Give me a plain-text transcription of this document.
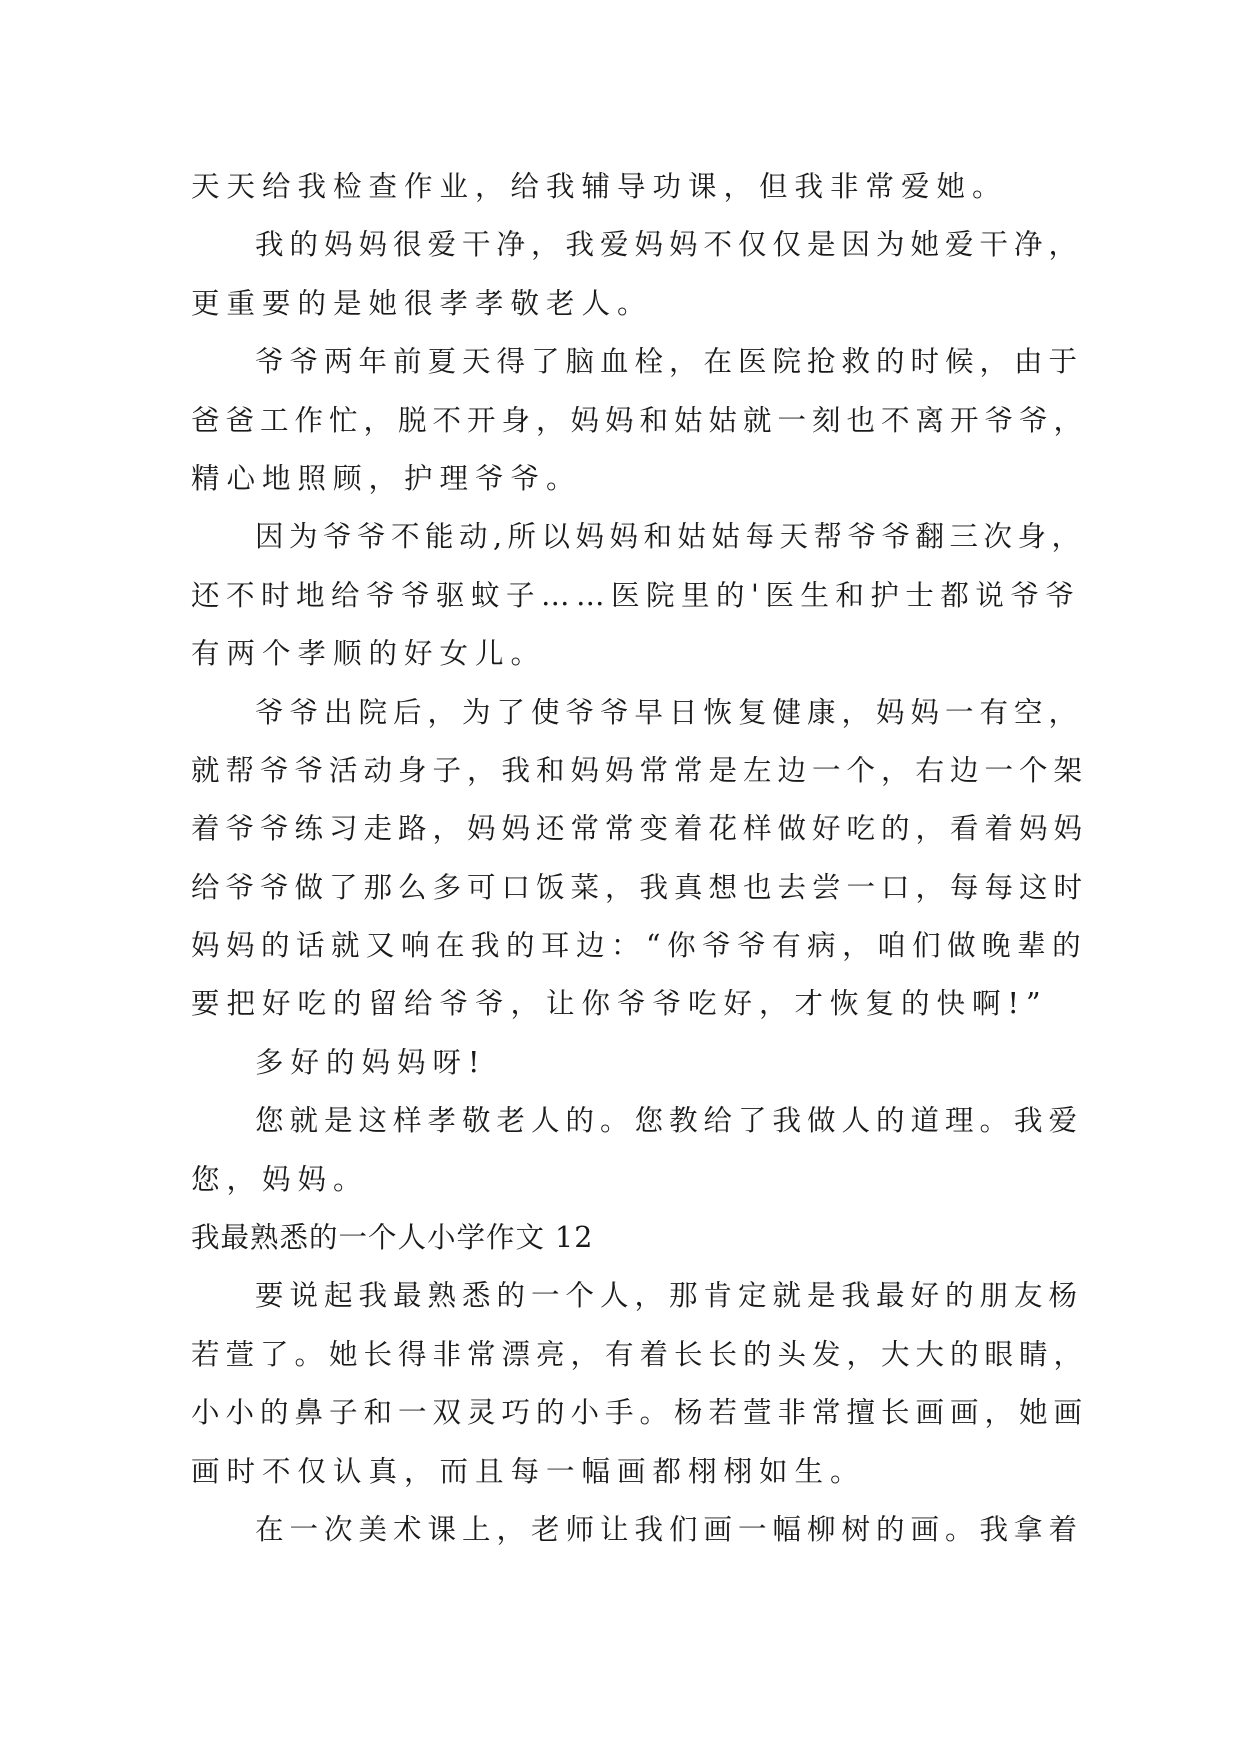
天天给我检查作业，给我辅导功课，但我非常爱她。
我的妈妈很爱干净，我爱妈妈不仅仅是因为她爱干净，
更重要的是她很孝孝敬老人。
爷爷两年前夏天得了脑血栓，在医院抢救的时候，由于
爸爸工作忙，脱不开身，妈妈和姑姑就一刻也不离开爷爷，
精心地照顾，护理爷爷。
因为爷爷不能动,所以妈妈和姑姑每天帮爷爷翻三次身，
还不时地给爷爷驱蚊子……医院里的'医生和护士都说爷爷
有两个孝顺的好女儿。
爷爷出院后，为了使爷爷早日恢复健康，妈妈一有空，
就帮爷爷活动身子，我和妈妈常常是左边一个，右边一个架
着爷爷练习走路，妈妈还常常变着花样做好吃的，看着妈妈
给爷爷做了那么多可口饭菜，我真想也去尝一口，每每这时
妈妈的话就又响在我的耳边：“你爷爷有病，咱们做晚辈的
要把好吃的留给爷爷，让你爷爷吃好，才恢复的快啊!”
多好的妈妈呀!
您就是这样孝敬老人的。您教给了我做人的道理。我爱
您，妈妈。
我最熟悉的一个人小学作文 12
要说起我最熟悉的一个人，那肯定就是我最好的朋友杨
若萱了。她长得非常漂亮，有着长长的头发，大大的眼睛，
小小的鼻子和一双灵巧的小手。杨若萱非常擅长画画，她画
画时不仅认真，而且每一幅画都栩栩如生。
在一次美术课上，老师让我们画一幅柳树的画。我拿着
